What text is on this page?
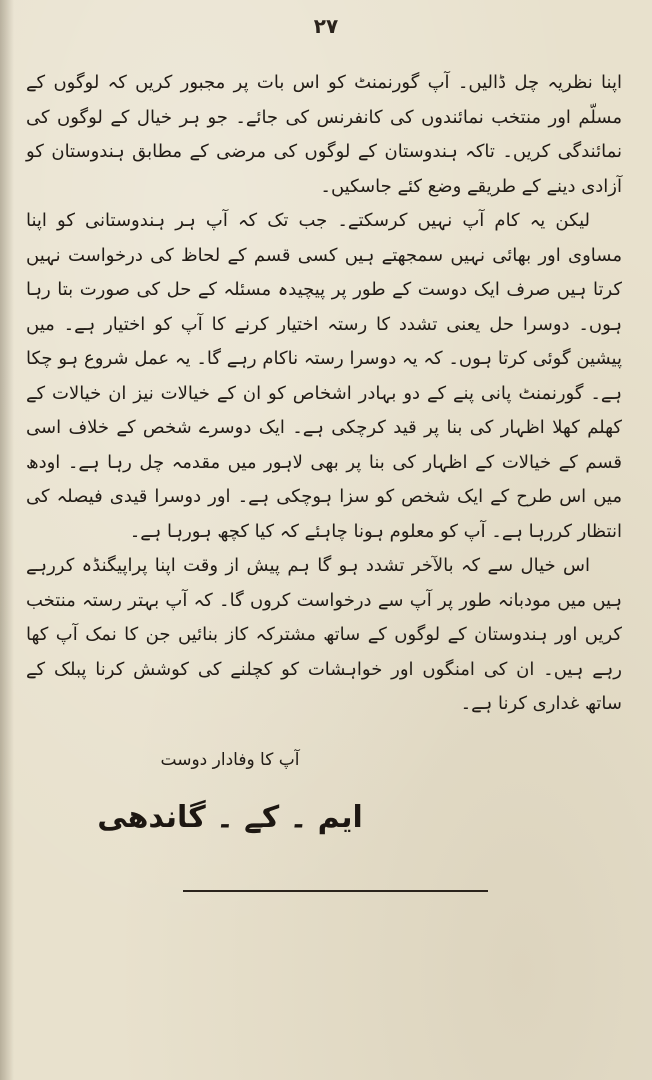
۲۷

اپنا نظریہ چل ڈالیں۔ آپ گورنمنٹ کو اس بات پر مجبور کریں کہ لوگوں کے مسلّم اور منتخب نمائندوں کی کانفرنس کی جائے۔ جو ہر خیال کے لوگوں کی نمائندگی کریں۔ تاکہ ہندوستان کے لوگوں کی مرضی کے مطابق ہندوستان کو آزادی دینے کے طریقے وضع کئے جاسکیں۔

لیکن یہ کام آپ نہیں کرسکتے۔ جب تک کہ آپ ہر ہندوستانی کو اپنا مساوی اور بھائی نہیں سمجھتے ہیں کسی قسم کے لحاظ کی درخواست نہیں کرتا ہیں صرف ایک دوست کے طور پر پیچیدہ مسئلہ کے حل کی صورت بتا رہا ہوں۔ دوسرا حل یعنی تشدد کا رستہ اختیار کرنے کا آپ کو اختیار ہے۔ میں پیشین گوئی کرتا ہوں۔ کہ یہ دوسرا رستہ ناکام رہے گا۔ یہ عمل شروع ہو چکا ہے۔ گورنمنٹ پانی پنے کے دو بہادر اشخاص کو ان کے خیالات نیز ان خیالات کے کھلم کھلا اظہار کی بنا پر قید کرچکی ہے۔ ایک دوسرے شخص کے خلاف اسی قسم کے خیالات کے اظہار کی بنا پر بھی لاہور میں مقدمہ چل رہا ہے۔ اودھ میں اس طرح کے ایک شخص کو سزا ہوچکی ہے۔ اور دوسرا قیدی فیصلہ کی انتظار کررہا ہے۔ آپ کو معلوم ہونا چاہئے کہ کیا کچھ ہورہا ہے۔

اس خیال سے کہ بالآخر تشدد ہو گا ہم پیش از وقت اپنا پراپیگنڈہ کررہے ہیں میں مودبانہ طور پر آپ سے درخواست کروں گا۔ کہ آپ بہتر رستہ منتخب کریں اور ہندوستان کے لوگوں کے ساتھ مشترکہ کاز بنائیں جن کا نمک آپ کھا رہے ہیں۔ ان کی امنگوں اور خواہشات کو کچلنے کی کوشش کرنا پبلک کے ساتھ غداری کرنا ہے۔

آپ کا وفادار دوست
ایم ۔ کے ۔ گاندھی
